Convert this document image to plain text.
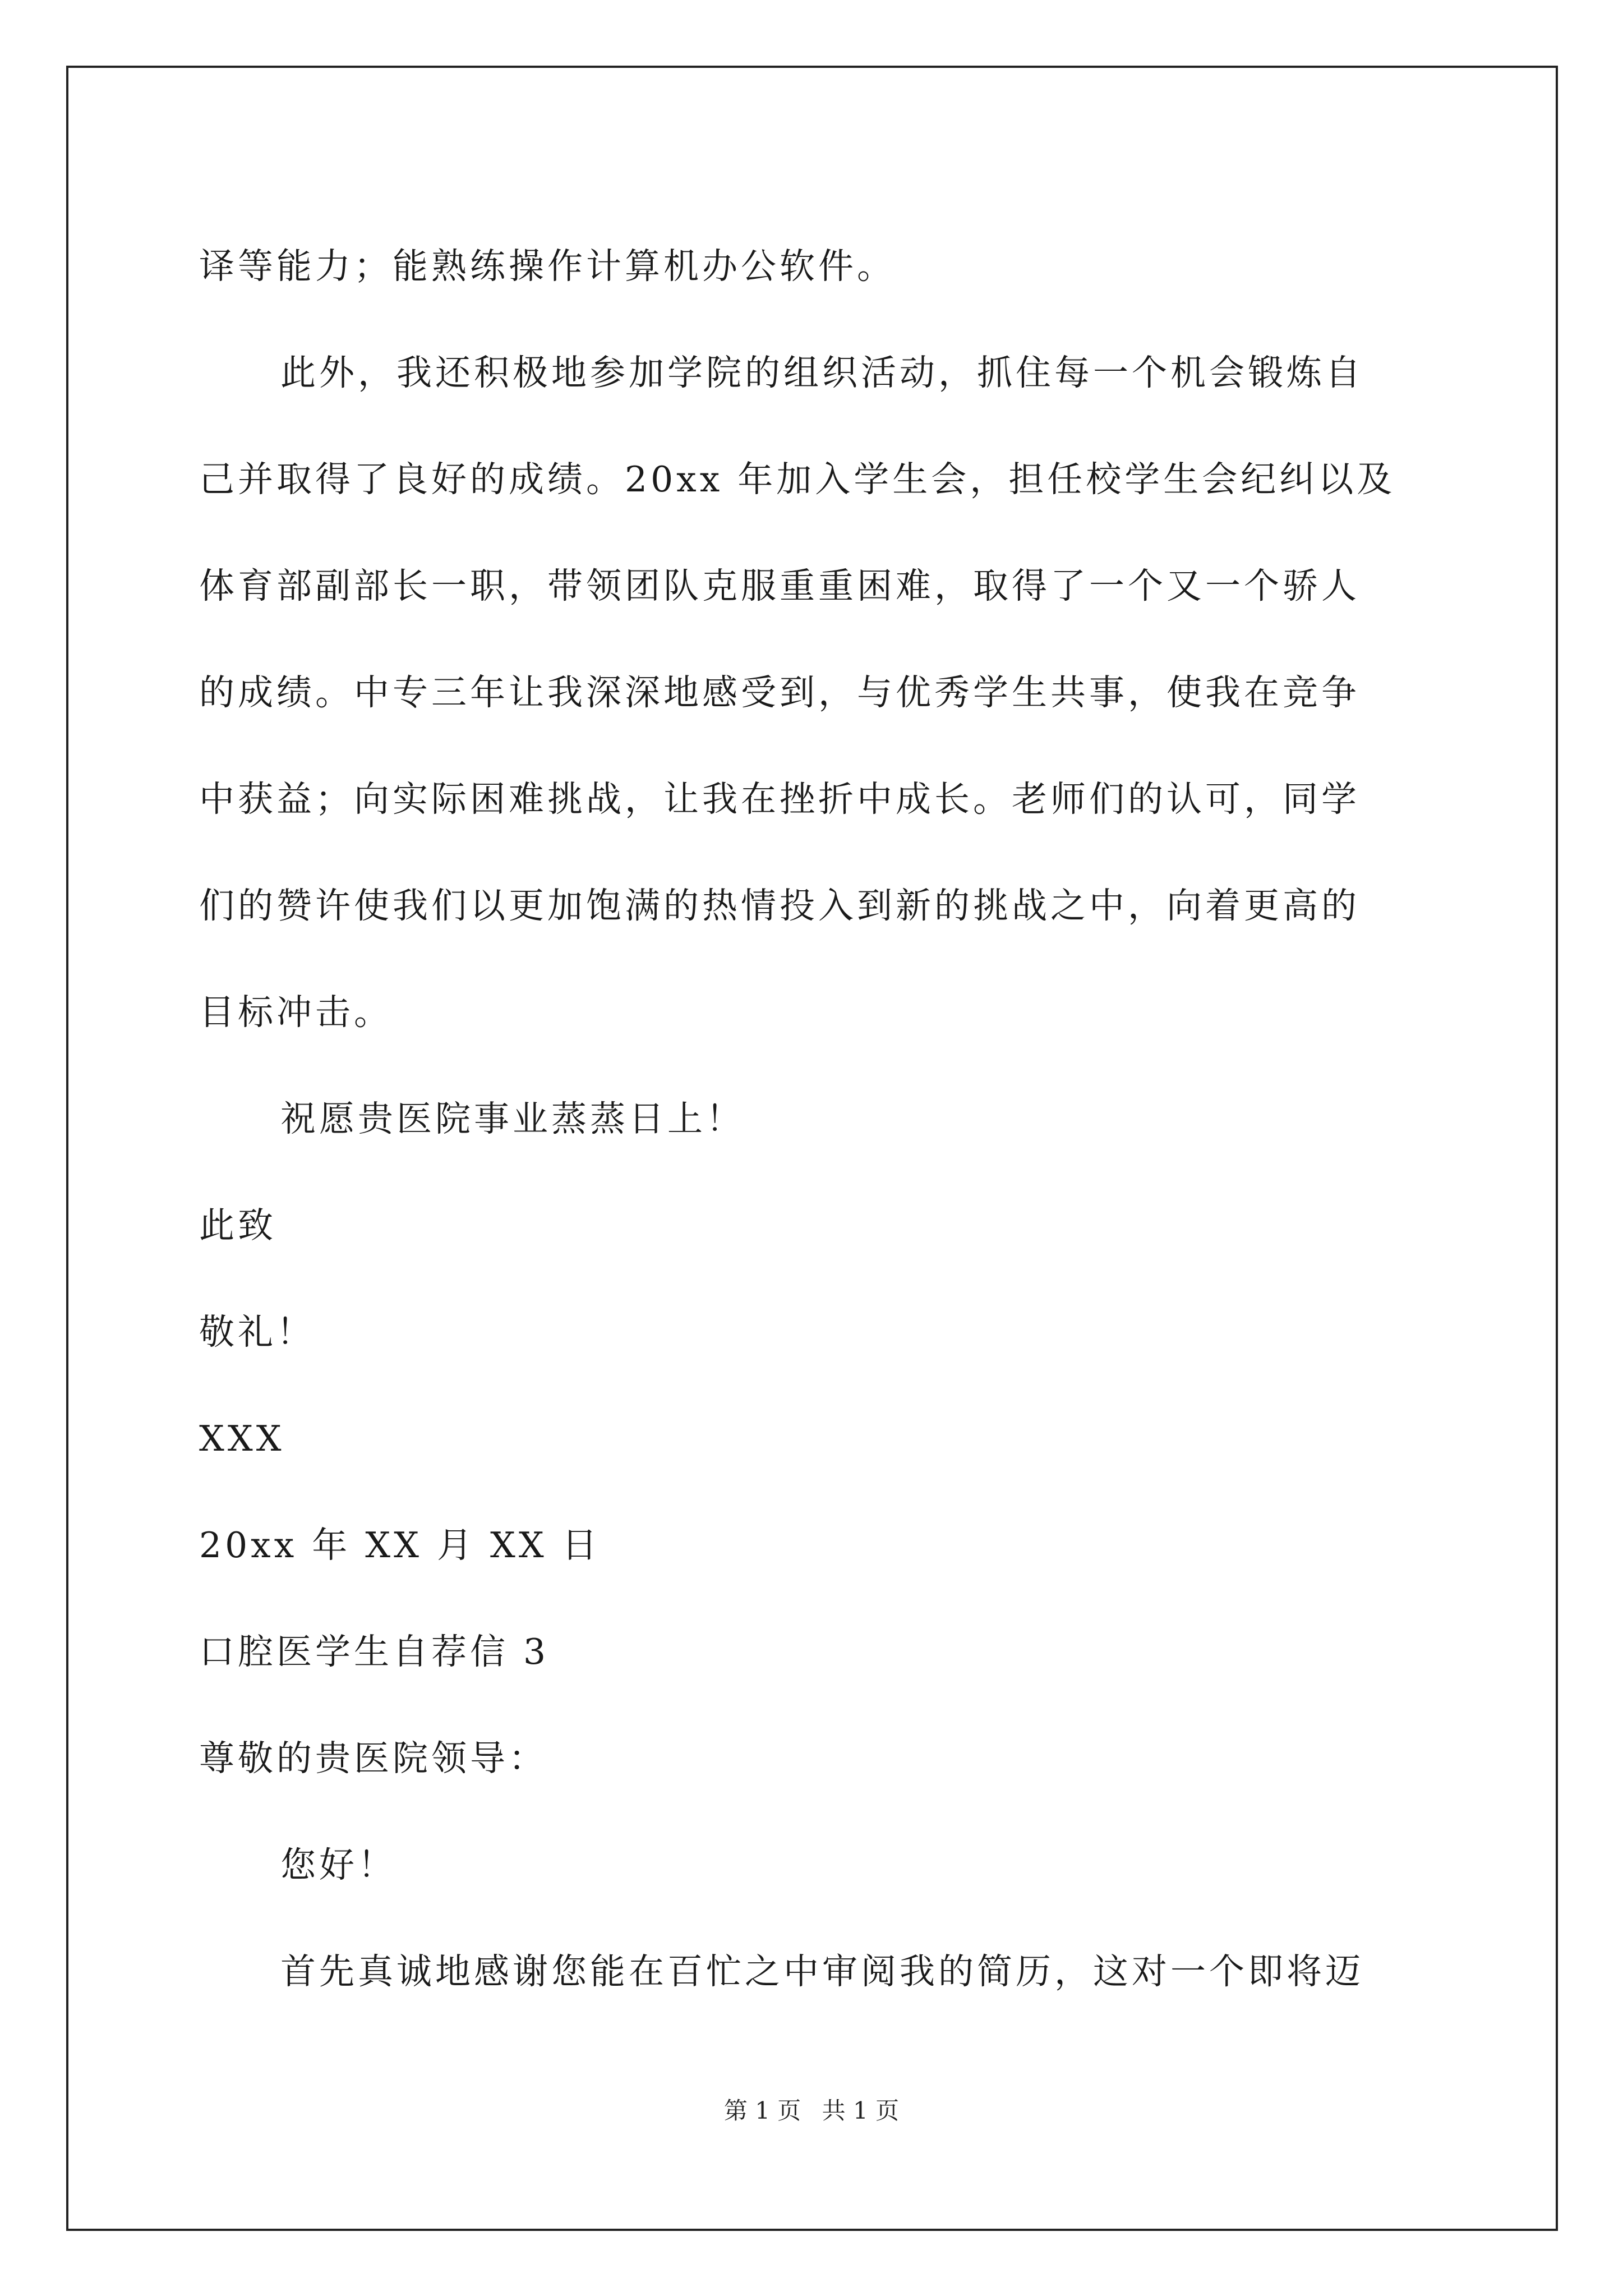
译等能力；能熟练操作计算机办公软件。
此外，我还积极地参加学院的组织活动，抓住每一个机会锻炼自
己并取得了良好的成绩。20xx 年加入学生会，担任校学生会纪纠以及
体育部副部长一职，带领团队克服重重困难，取得了一个又一个骄人
的成绩。中专三年让我深深地感受到，与优秀学生共事，使我在竞争
中获益；向实际困难挑战，让我在挫折中成长。老师们的认可，同学
们的赞许使我们以更加饱满的热情投入到新的挑战之中，向着更高的
目标冲击。
祝愿贵医院事业蒸蒸日上！
此致
敬礼！
XXX
20xx 年 XX 月 XX 日
口腔医学生自荐信 3
尊敬的贵医院领导：
您好！
首先真诚地感谢您能在百忙之中审阅我的简历，这对一个即将迈
第 1 页 共 1 页
